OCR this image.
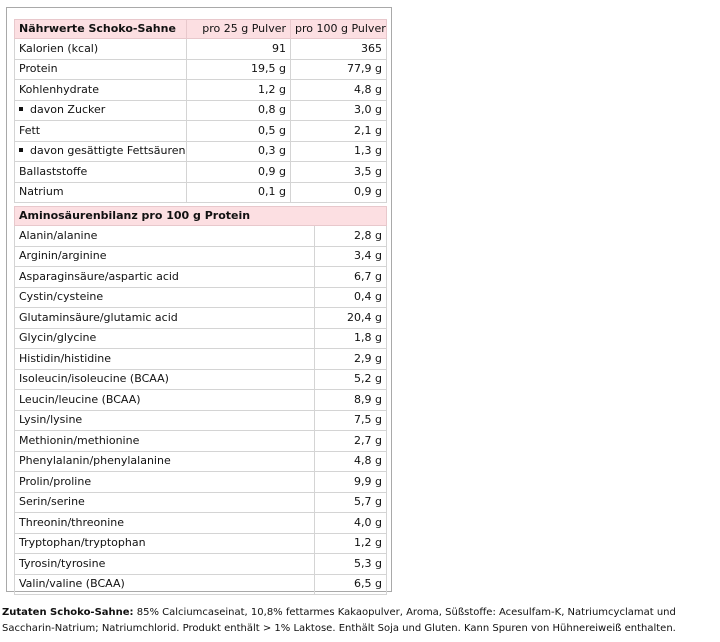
Nährwerte Schoko-Sahne	pro 25 g Pulver	pro 100 g Pulver
Kalorien (kcal)	91	365
Protein	19,5 g	77,9 g
Kohlenhydrate	1,2 g	4,8 g
davon Zucker	0,8 g	3,0 g
Fett	0,5 g	2,1 g
davon gesättigte Fettsäuren	0,3 g	1,3 g
Ballaststoffe	0,9 g	3,5 g
Natrium	0,1 g	0,9 g
Aminosäurenbilanz pro 100 g Protein	
Alanin/alanine	2,8 g
Arginin/arginine	3,4 g
Asparaginsäure/aspartic acid	6,7 g
Cystin/cysteine	0,4 g
Glutaminsäure/glutamic acid	20,4 g
Glycin/glycine	1,8 g
Histidin/histidine	2,9 g
Isoleucin/isoleucine (BCAA)	5,2 g
Leucin/leucine (BCAA)	8,9 g
Lysin/lysine	7,5 g
Methionin/methionine	2,7 g
Phenylalanin/phenylalanine	4,8 g
Prolin/proline	9,9 g
Serin/serine	5,7 g
Threonin/threonine	4,0 g
Tryptophan/tryptophan	1,2 g
Tyrosin/tyrosine	5,3 g
Valin/valine (BCAA)	6,5 g
Zutaten Schoko-Sahne: 85% Calciumcaseinat, 10,8% fettarmes Kakaopulver, Aroma, Süßstoffe: Acesulfam-K, Natriumcyclamat und Saccharin-Natrium; Natriumchlorid. Produkt enthält > 1% Laktose. Enthält Soja und Gluten. Kann Spuren von Hühnereiweiß enthalten.
